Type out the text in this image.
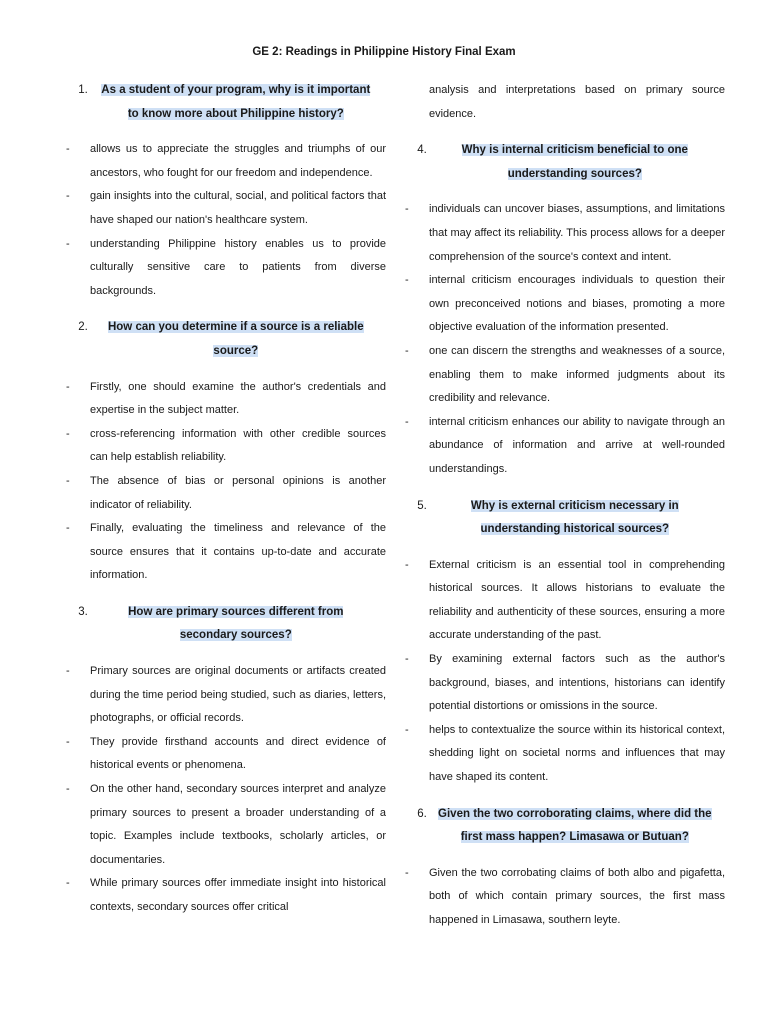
GE 2: Readings in Philippine History Final Exam
1.	As a student of your program, why is it important to know more about Philippine history?
- allows us to appreciate the struggles and triumphs of our ancestors, who fought for our freedom and independence.
- gain insights into the cultural, social, and political factors that have shaped our nation's healthcare system.
- understanding Philippine history enables us to provide culturally sensitive care to patients from diverse backgrounds.
2.	How can you determine if a source is a reliable source?
- Firstly, one should examine the author's credentials and expertise in the subject matter.
- cross-referencing information with other credible sources can help establish reliability.
- The absence of bias or personal opinions is another indicator of reliability.
- Finally, evaluating the timeliness and relevance of the source ensures that it contains up-to-date and accurate information.
3.	How are primary sources different from secondary sources?
- Primary sources are original documents or artifacts created during the time period being studied, such as diaries, letters, photographs, or official records.
- They provide firsthand accounts and direct evidence of historical events or phenomena.
- On the other hand, secondary sources interpret and analyze primary sources to present a broader understanding of a topic. Examples include textbooks, scholarly articles, or documentaries.
- While primary sources offer immediate insight into historical contexts, secondary sources offer critical
analysis and interpretations based on primary source evidence.
4.	Why is internal criticism beneficial to one understanding sources?
- individuals can uncover biases, assumptions, and limitations that may affect its reliability. This process allows for a deeper comprehension of the source's context and intent.
- internal criticism encourages individuals to question their own preconceived notions and biases, promoting a more objective evaluation of the information presented.
- one can discern the strengths and weaknesses of a source, enabling them to make informed judgments about its credibility and relevance.
- internal criticism enhances our ability to navigate through an abundance of information and arrive at well-rounded understandings.
5.	Why is external criticism necessary in understanding historical sources?
- External criticism is an essential tool in comprehending historical sources. It allows historians to evaluate the reliability and authenticity of these sources, ensuring a more accurate understanding of the past.
- By examining external factors such as the author's background, biases, and intentions, historians can identify potential distortions or omissions in the source.
- helps to contextualize the source within its historical context, shedding light on societal norms and influences that may have shaped its content.
6. Given the two corroborating claims, where did the first mass happen? Limasawa or Butuan?
- Given the two corrobating claims of both albo and pigafetta, both of which contain primary sources, the first mass happened in Limasawa, southern leyte.
